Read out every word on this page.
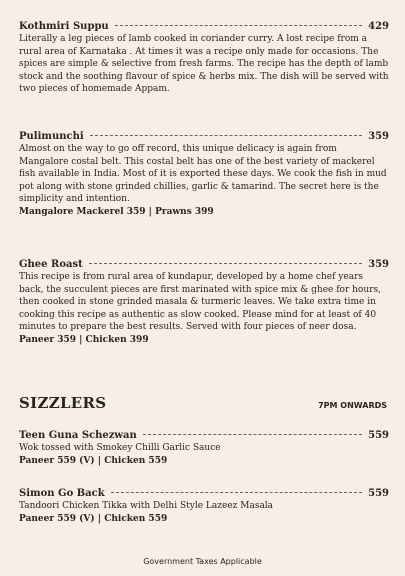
Kothmiri Suppu	429
Literally a leg pieces of lamb cooked in coriander curry. A lost recipe from a rural area of Karnataka . At times it was a recipe only made for occasions. The spices are simple & selective from fresh farms. The recipe has the depth of lamb stock and the soothing flavour of spice & herbs mix. The dish will be served with two pieces of homemade Appam.
Pulimunchi	359
Almost on the way to go off record, this unique delicacy is again from Mangalore costal belt. This costal belt has one of the best variety of mackerel fish available in India. Most of it is exported these days. We cook the fish in mud pot along with stone grinded chillies, garlic & tamarind. The secret here is the simplicity and intention.
Mangalore Mackerel 359 | Prawns 399
Ghee Roast	359
This recipe is from rural area of kundapur, developed by a home chef years back, the succulent pieces are first marinated with spice mix & ghee for hours, then cooked in stone grinded masala & turmeric leaves. We take extra time in cooking this recipe as authentic as slow cooked. Please mind for at least of 40 minutes to prepare the best results. Served with four pieces of neer dosa.
Paneer 359 | Chicken 399
SIZZLERS	7PM ONWARDS
Teen Guna Schezwan	559
Wok tossed with Smokey Chilli Garlic Sauce
Paneer 559 (V) | Chicken 559
Simon Go Back	559
Tandoori Chicken Tikka with Delhi Style Lazeez Masala
Paneer 559 (V) | Chicken 559
Government Taxes Applicable
